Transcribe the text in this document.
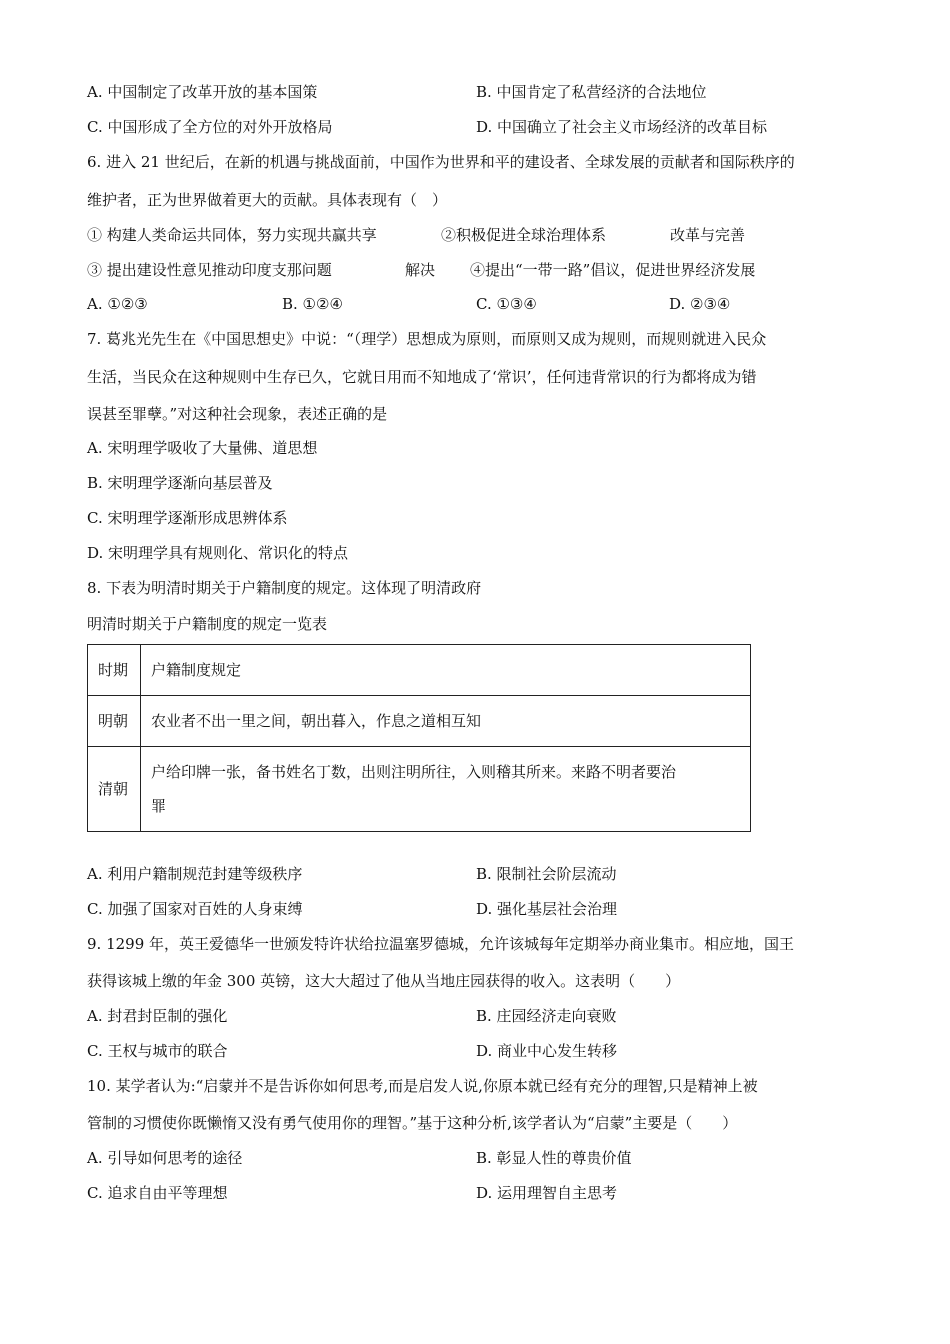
A. 中国制定了改革开放的基本国策	B. 中国肯定了私营经济的合法地位
C. 中国形成了全方位的对外开放格局	D. 中国确立了社会主义市场经济的改革目标
6. 进入 21 世纪后，在新的机遇与挑战面前，中国作为世界和平的建设者、全球发展的贡献者和国际秩序的
维护者，正为世界做着更大的贡献。具体表现有（　）
① 构建人类命运共同体，努力实现共赢共享	②积极促进全球治理体系	改革与完善
③ 提出建设性意见推动印度支那问题	解决 ④提出“一带一路”倡议，促进世界经济发展
A. ①②③	B. ①②④	C. ①③④	D. ②③④
7. 葛兆光先生在《中国思想史》中说：“（理学）思想成为原则，而原则又成为规则，而规则就进入民众
生活，当民众在这种规则中生存已久，它就日用而不知地成了‘常识’，任何违背常识的行为都将成为错
误甚至罪孽。”对这种社会现象，表述正确的是
A. 宋明理学吸收了大量佛、道思想
B. 宋明理学逐渐向基层普及
C. 宋明理学逐渐形成思辨体系
D. 宋明理学具有规则化、常识化的特点
8. 下表为明清时期关于户籍制度的规定。这体现了明清政府
明清时期关于户籍制度的规定一览表
时期	户籍制度规定
明朝	农业者不出一里之间，朝出暮入，作息之道相互知
清朝	户给印牌一张，备书姓名丁数，出则注明所往，入则稽其所来。来路不明者要治
罪
A. 利用户籍制规范封建等级秩序	B. 限制社会阶层流动
C. 加强了国家对百姓的人身束缚	D. 强化基层社会治理
9. 1299 年，英王爱德华一世颁发特许状给拉温塞罗德城，允许该城每年定期举办商业集市。相应地，国王
获得该城上缴的年金 300 英镑，这大大超过了他从当地庄园获得的收入。这表明（　　）
A. 封君封臣制的强化	B. 庄园经济走向衰败
C. 王权与城市的联合	D. 商业中心发生转移
10. 某学者认为:“启蒙并不是告诉你如何思考,而是启发人说,你原本就已经有充分的理智,只是精神上被
管制的习惯使你既懒惰又没有勇气使用你的理智。”基于这种分析,该学者认为“启蒙”主要是（　　）
A. 引导如何思考的途径	B. 彰显人性的尊贵价值
C. 追求自由平等理想	D. 运用理智自主思考
